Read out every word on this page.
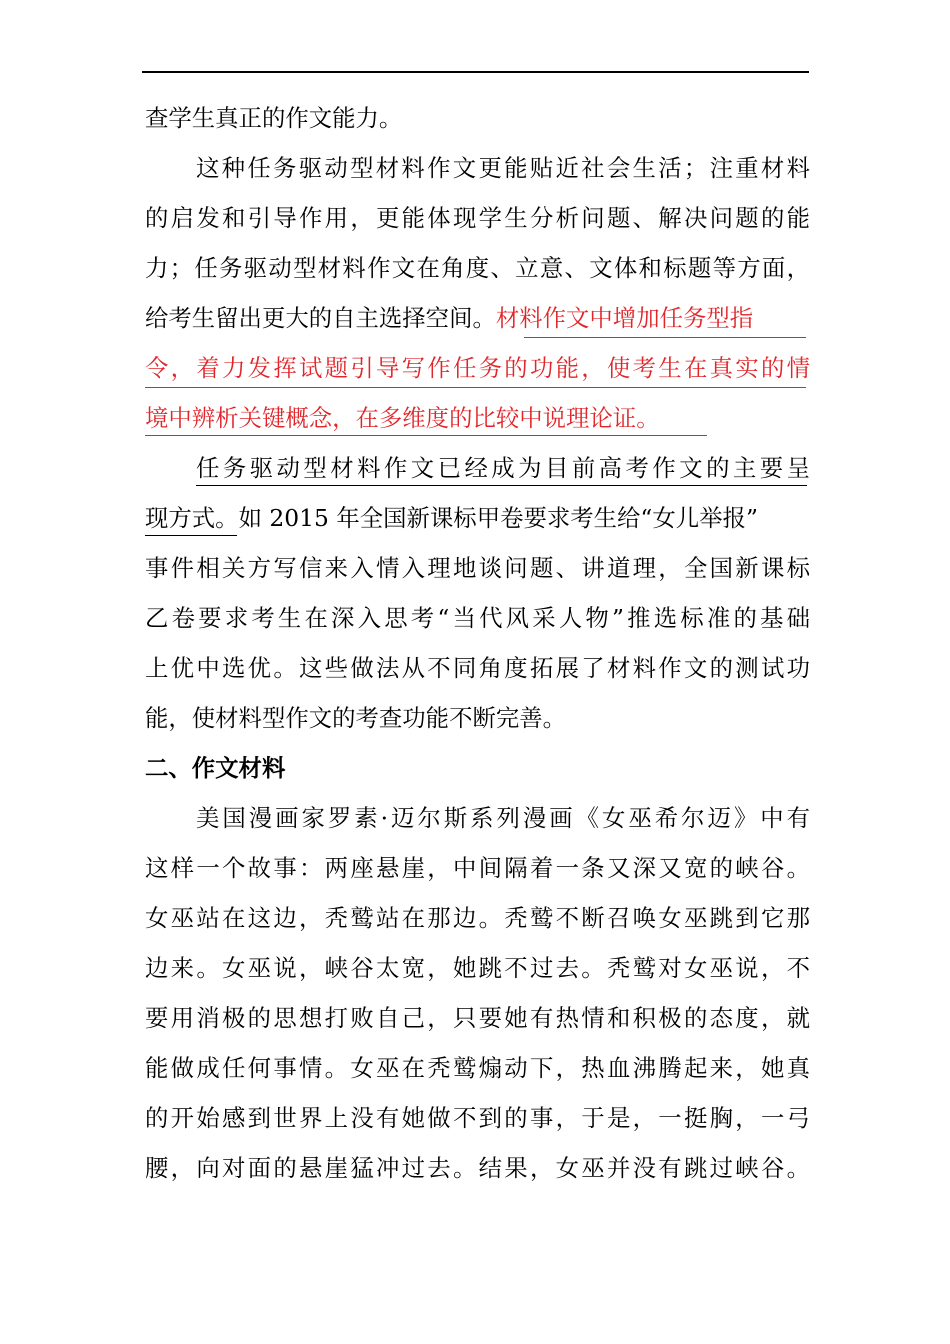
查学生真正的作文能力。
这种任务驱动型材料作文更能贴近社会生活；注重材料
的启发和引导作用，更能体现学生分析问题、解决问题的能
力；任务驱动型材料作文在角度、立意、文体和标题等方面，
给考生留出更大的自主选择空间。材料作文中增加任务型指
令，着力发挥试题引导写作任务的功能，使考生在真实的情
境中辨析关键概念，在多维度的比较中说理论证。
任务驱动型材料作文已经成为目前高考作文的主要呈
现方式。如 2015 年全国新课标甲卷要求考生给“女儿举报”
事件相关方写信来入情入理地谈问题、讲道理，全国新课标
乙卷要求考生在深入思考“当代风采人物”推选标准的基础
上优中选优。这些做法从不同角度拓展了材料作文的测试功
能，使材料型作文的考查功能不断完善。
二、作文材料
美国漫画家罗素·迈尔斯系列漫画《女巫希尔迈》中有
这样一个故事：两座悬崖，中间隔着一条又深又宽的峡谷。
女巫站在这边，秃鹫站在那边。秃鹫不断召唤女巫跳到它那
边来。女巫说，峡谷太宽，她跳不过去。秃鹫对女巫说，不
要用消极的思想打败自己，只要她有热情和积极的态度，就
能做成任何事情。女巫在秃鹫煽动下，热血沸腾起来，她真
的开始感到世界上没有她做不到的事，于是，一挺胸，一弓
腰，向对面的悬崖猛冲过去。结果，女巫并没有跳过峡谷。
